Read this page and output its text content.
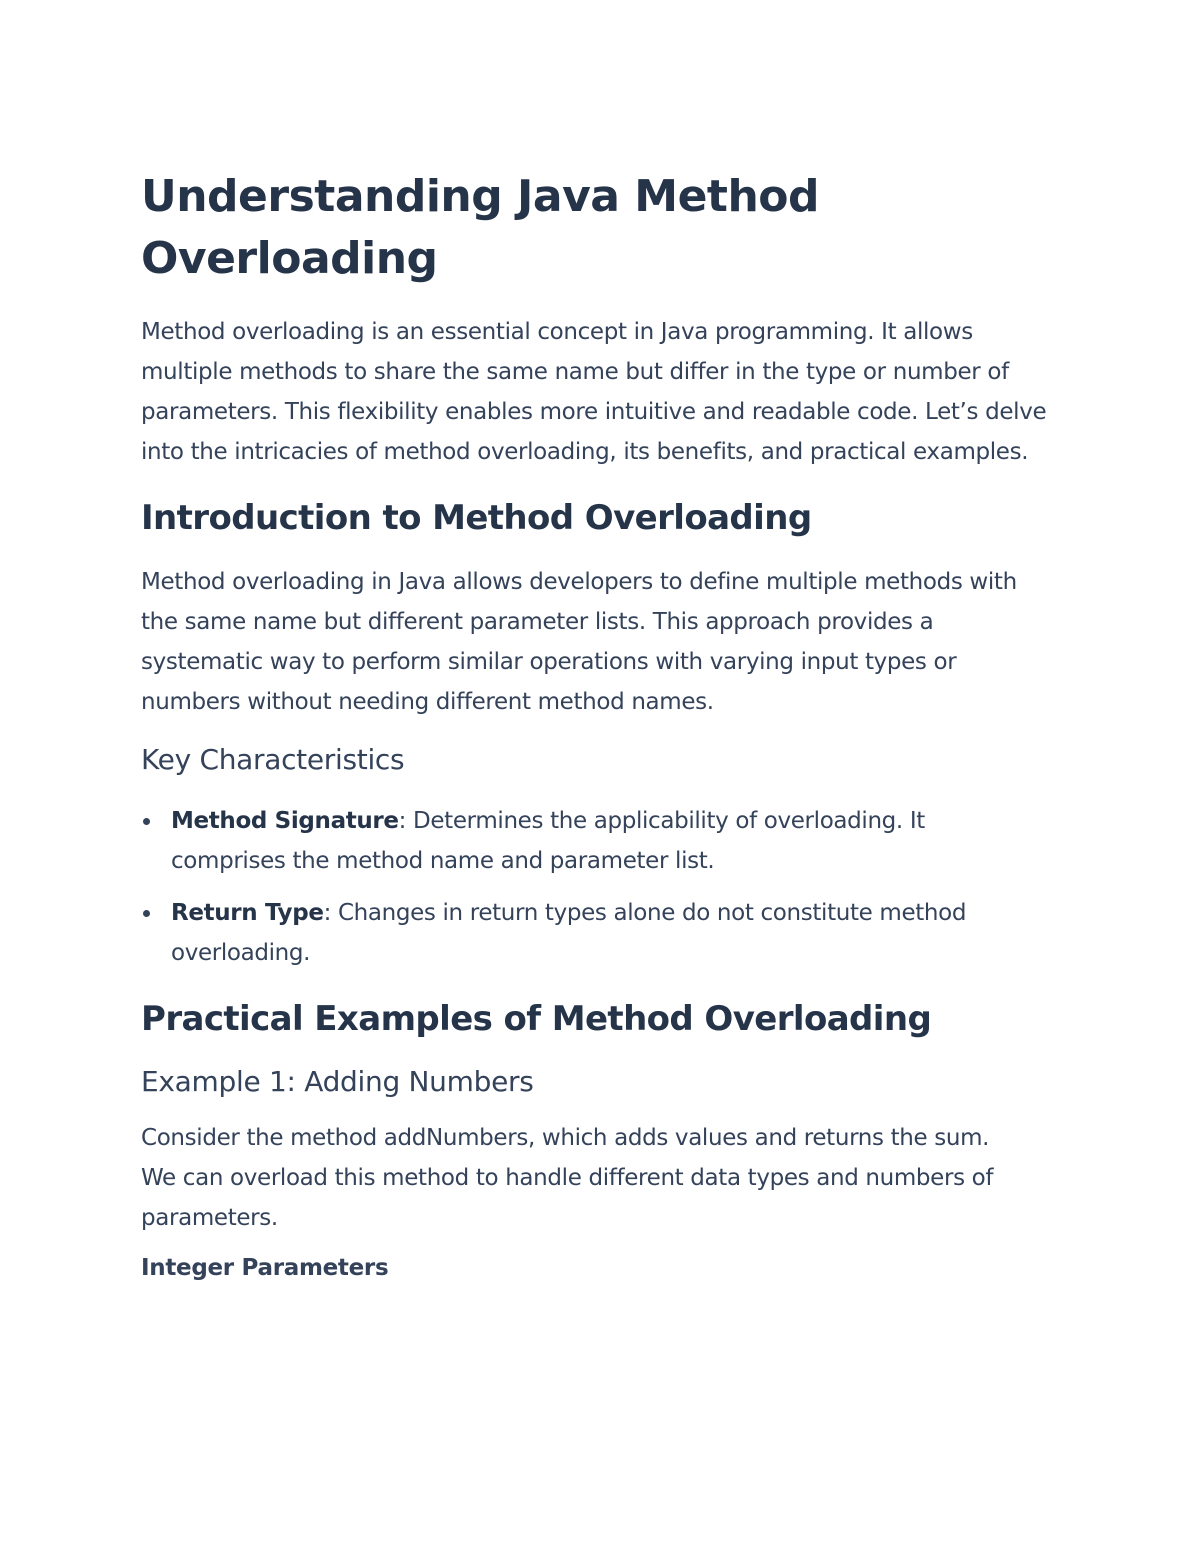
Understanding Java Method Overloading

Method overloading is an essential concept in Java programming. It allows multiple methods to share the same name but differ in the type or number of parameters. This flexibility enables more intuitive and readable code. Let’s delve into the intricacies of method overloading, its benefits, and practical examples.

Introduction to Method Overloading

Method overloading in Java allows developers to define multiple methods with the same name but different parameter lists. This approach provides a systematic way to perform similar operations with varying input types or numbers without needing different method names.

Key Characteristics
Method Signature: Determines the applicability of overloading. It comprises the method name and parameter list.
Return Type: Changes in return types alone do not constitute method overloading.
Practical Examples of Method Overloading
Example 1: Adding Numbers

Consider the method addNumbers, which adds values and returns the sum. We can overload this method to handle different data types and numbers of parameters.

Integer Parameters
